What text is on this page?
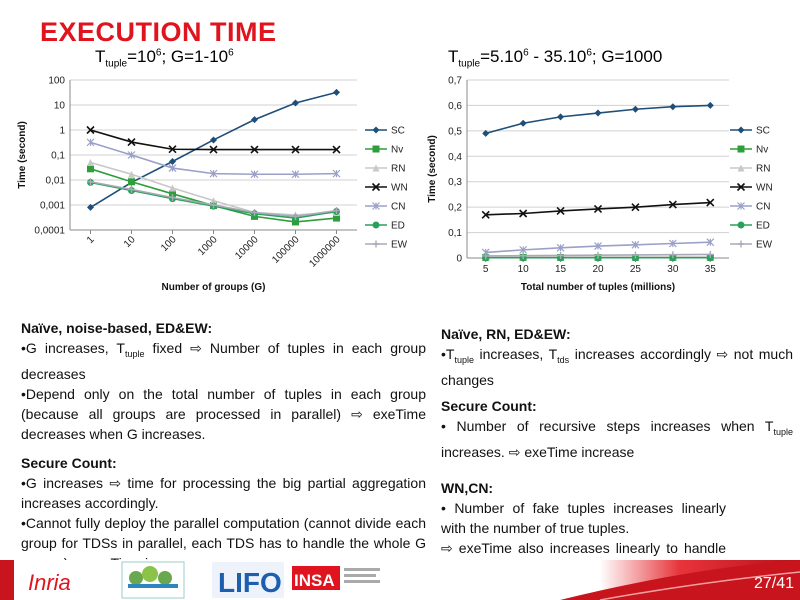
EXECUTION TIME
$T_{tuple}=10^6$; $G=1-10^6$	$T_{tuple}=5.10^6 - 35.10^6$; G=1000
100
10
1
0,1
0,01
0,001
0,0001
1	10 100 1000 10000 100000 1000000
Number of groups (G)
Time (second)	SC
Nv
RN
WN
CN
ED
EW
0
0,1
0,2
0,3
0,4
0,5
0,6
0,7
5	10	15	20	25	30	35
Total number of tuples (millions)
Time (second)
SC
Nv
RN
WN
CN
ED
EW

Naïve, noise-based, ED&EW:

•G increases, $T_{tuple}$ fixed ⇨ Number of tuples in each group decreases

•Depend only on the total number of tuples in each group (because all groups are processed in parallel) ⇨ exeTime decreases when G increases.

Secure Count:

•G increases ⇨ time for processing the big partial aggregation increases accordingly.

•Cannot fully deploy the parallel computation (cannot divide each group for TDSs in parallel, each TDS has to handle the whole G

Naïve, RN, ED&EW:

$•T_{tuple}$ increases, $T_{tds}$ increases accordingly ⇨ not much changes

Secure Count:

• Number of recursive steps increases when $T_{tuple}$ increases. ⇨ exeTime increase

WN,CN:

• Number of fake tuples increases linearly with the number of true tuples.

⇨ exeTime also increases linearly to handle

Inria	LIFO INSA	27/41
